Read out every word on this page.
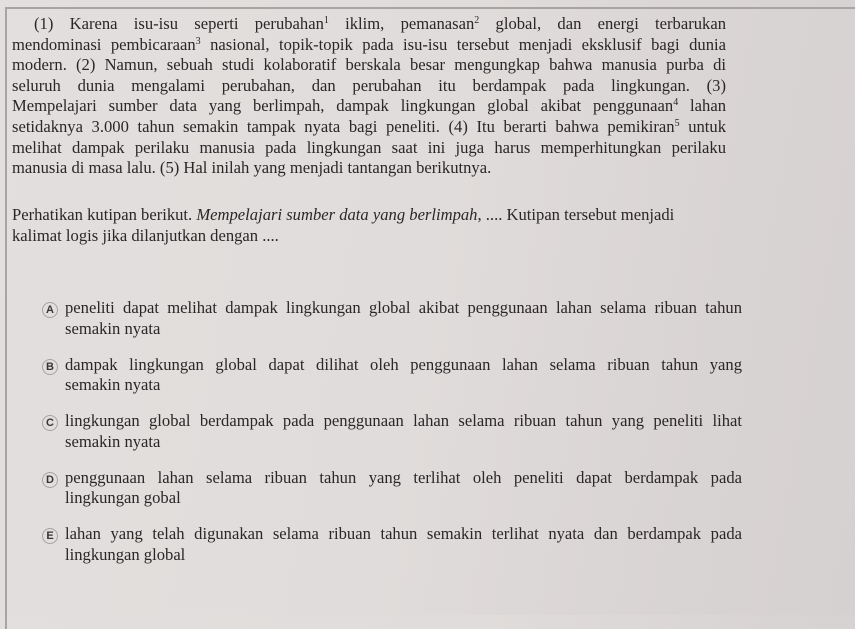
(1) Karena isu-isu seperti perubahan$^1$ iklim, pemanasan$^2$ global, dan energi terbarukan
mendominasi pembicaraan$^3$ nasional, topik-topik pada isu-isu tersebut menjadi eksklusif bagi dunia
modern. (2) Namun, sebuah studi kolaboratif berskala besar mengungkap bahwa manusia purba di
seluruh dunia mengalami perubahan, dan perubahan itu berdampak pada lingkungan. (3)
Mempelajari sumber data yang berlimpah, dampak lingkungan global akibat penggunaan$^4$ lahan
setidaknya 3.000 tahun semakin tampak nyata bagi peneliti. (4) Itu berarti bahwa pemikiran$^5$ untuk
melihat dampak perilaku manusia pada lingkungan saat ini juga harus memperhitungkan perilaku
manusia di masa lalu. (5) Hal inilah yang menjadi tantangan berikutnya.

Perhatikan kutipan berikut. Mempelajari sumber data yang berlimpah, .... Kutipan tersebut menjadi
kalimat logis jika dilanjutkan dengan ....

A peneliti dapat melihat dampak lingkungan global akibat penggunaan lahan selama ribuan tahun
semakin nyata
B dampak lingkungan global dapat dilihat oleh penggunaan lahan selama ribuan tahun yang
semakin nyata
C lingkungan global berdampak pada penggunaan lahan selama ribuan tahun yang peneliti lihat
semakin nyata
D penggunaan lahan selama ribuan tahun yang terlihat oleh peneliti dapat berdampak pada
lingkungan gobal
E lahan yang telah digunakan selama ribuan tahun semakin terlihat nyata dan berdampak pada
lingkungan global
